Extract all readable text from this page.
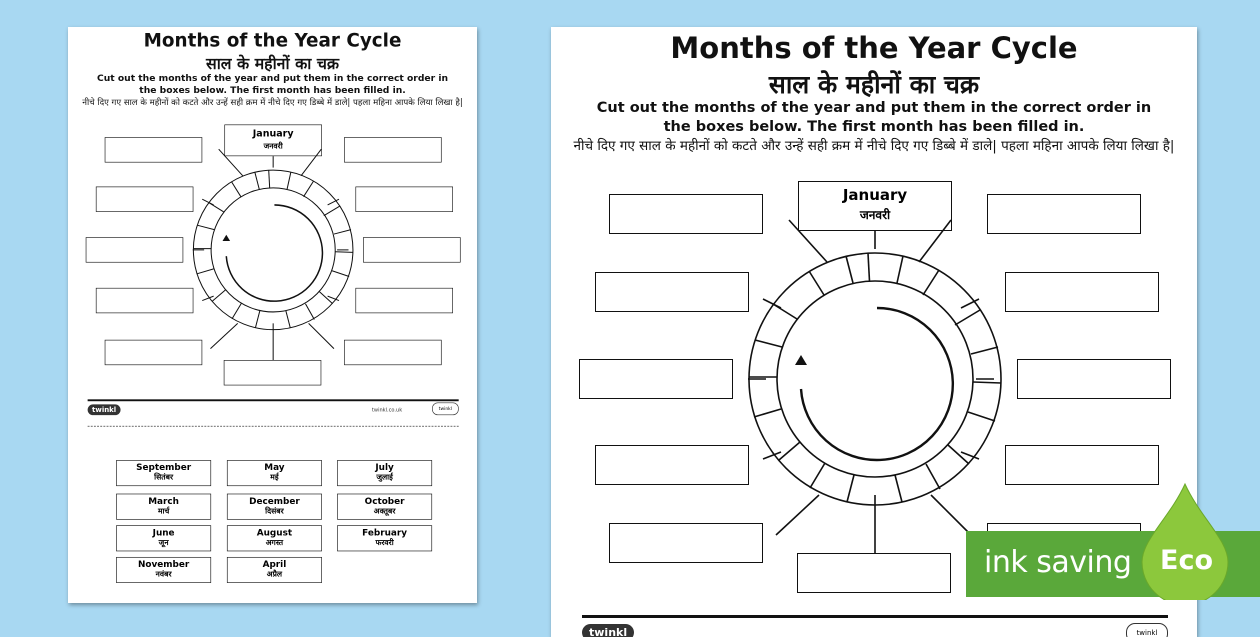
Months of the Year Cycle
साल के महीनों का चक्र
Cut out the months of the year and put them in the correct order in the boxes below. The first month has been filled in.
नीचे दिए गए साल के महीनों को कटते और उन्हें सही क्रम में नीचे दिए गए डिब्बे में डाले| पहला महिना आपके लिया लिखा है|
January
जनवरी
twinkl	twinkl.co.uk	twinkl
September
सितंबर
May
मई
July
जुलाई
March
मार्च
December
दिसंबर
October
अक्तूबर
June
जून
August
अगस्त
February
फरवरी
November
नवंबर
April
अप्रैल
Months of the Year Cycle
साल के महीनों का चक्र
Cut out the months of the year and put them in the correct order in the boxes below. The first month has been filled in.
नीचे दिए गए साल के महीनों को कटते और उन्हें सही क्रम में नीचे दिए गए डिब्बे में डाले| पहला महिना आपके लिया लिखा है|
January
जनवरी
twinkl	twinkl
ink saving Eco
